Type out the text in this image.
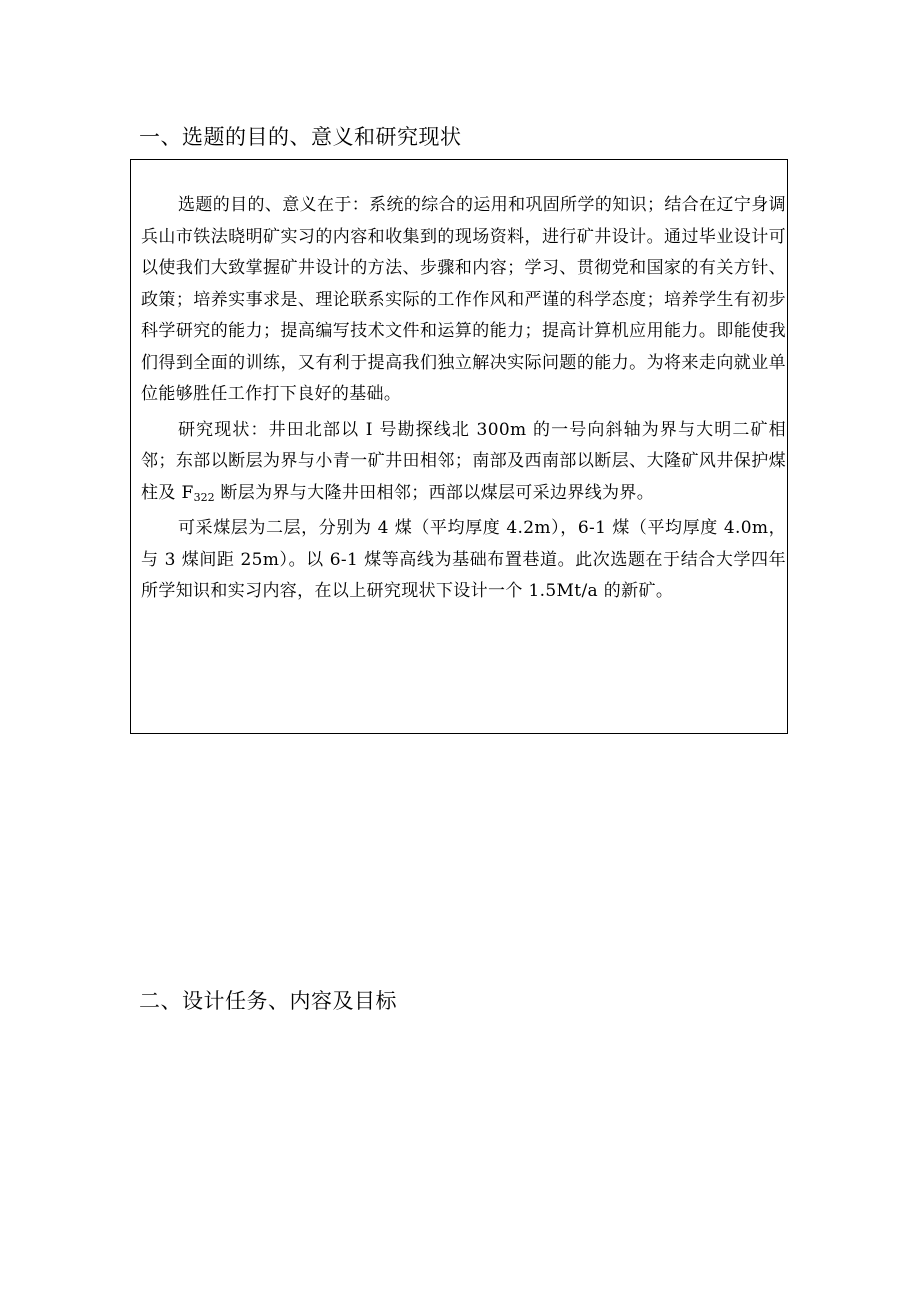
一、选题的目的、意义和研究现状

选题的目的、意义在于：系统的综合的运用和巩固所学的知识；结合在辽宁身调兵山市铁法晓明矿实习的内容和收集到的现场资料，进行矿井设计。通过毕业设计可以使我们大致掌握矿井设计的方法、步骤和内容；学习、贯彻党和国家的有关方针、政策；培养实事求是、理论联系实际的工作作风和严谨的科学态度；培养学生有初步科学研究的能力；提高编写技术文件和运算的能力；提高计算机应用能力。即能使我们得到全面的训练，又有利于提高我们独立解决实际问题的能力。为将来走向就业单位能够胜任工作打下良好的基础。

研究现状：井田北部以 I 号勘探线北 300m 的一号向斜轴为界与大明二矿相邻；东部以断层为界与小青一矿井田相邻；南部及西南部以断层、大隆矿风井保护煤柱及 $F_{322}$ 断层为界与大隆井田相邻；西部以煤层可采边界线为界。

可采煤层为二层，分别为 4 煤（平均厚度 4.2m），6-1 煤（平均厚度 4.0m，与 3 煤间距 25m）。以 6-1 煤等高线为基础布置巷道。此次选题在于结合大学四年所学知识和实习内容，在以上研究现状下设计一个 1.5Mt/a 的新矿。

二、设计任务、内容及目标
